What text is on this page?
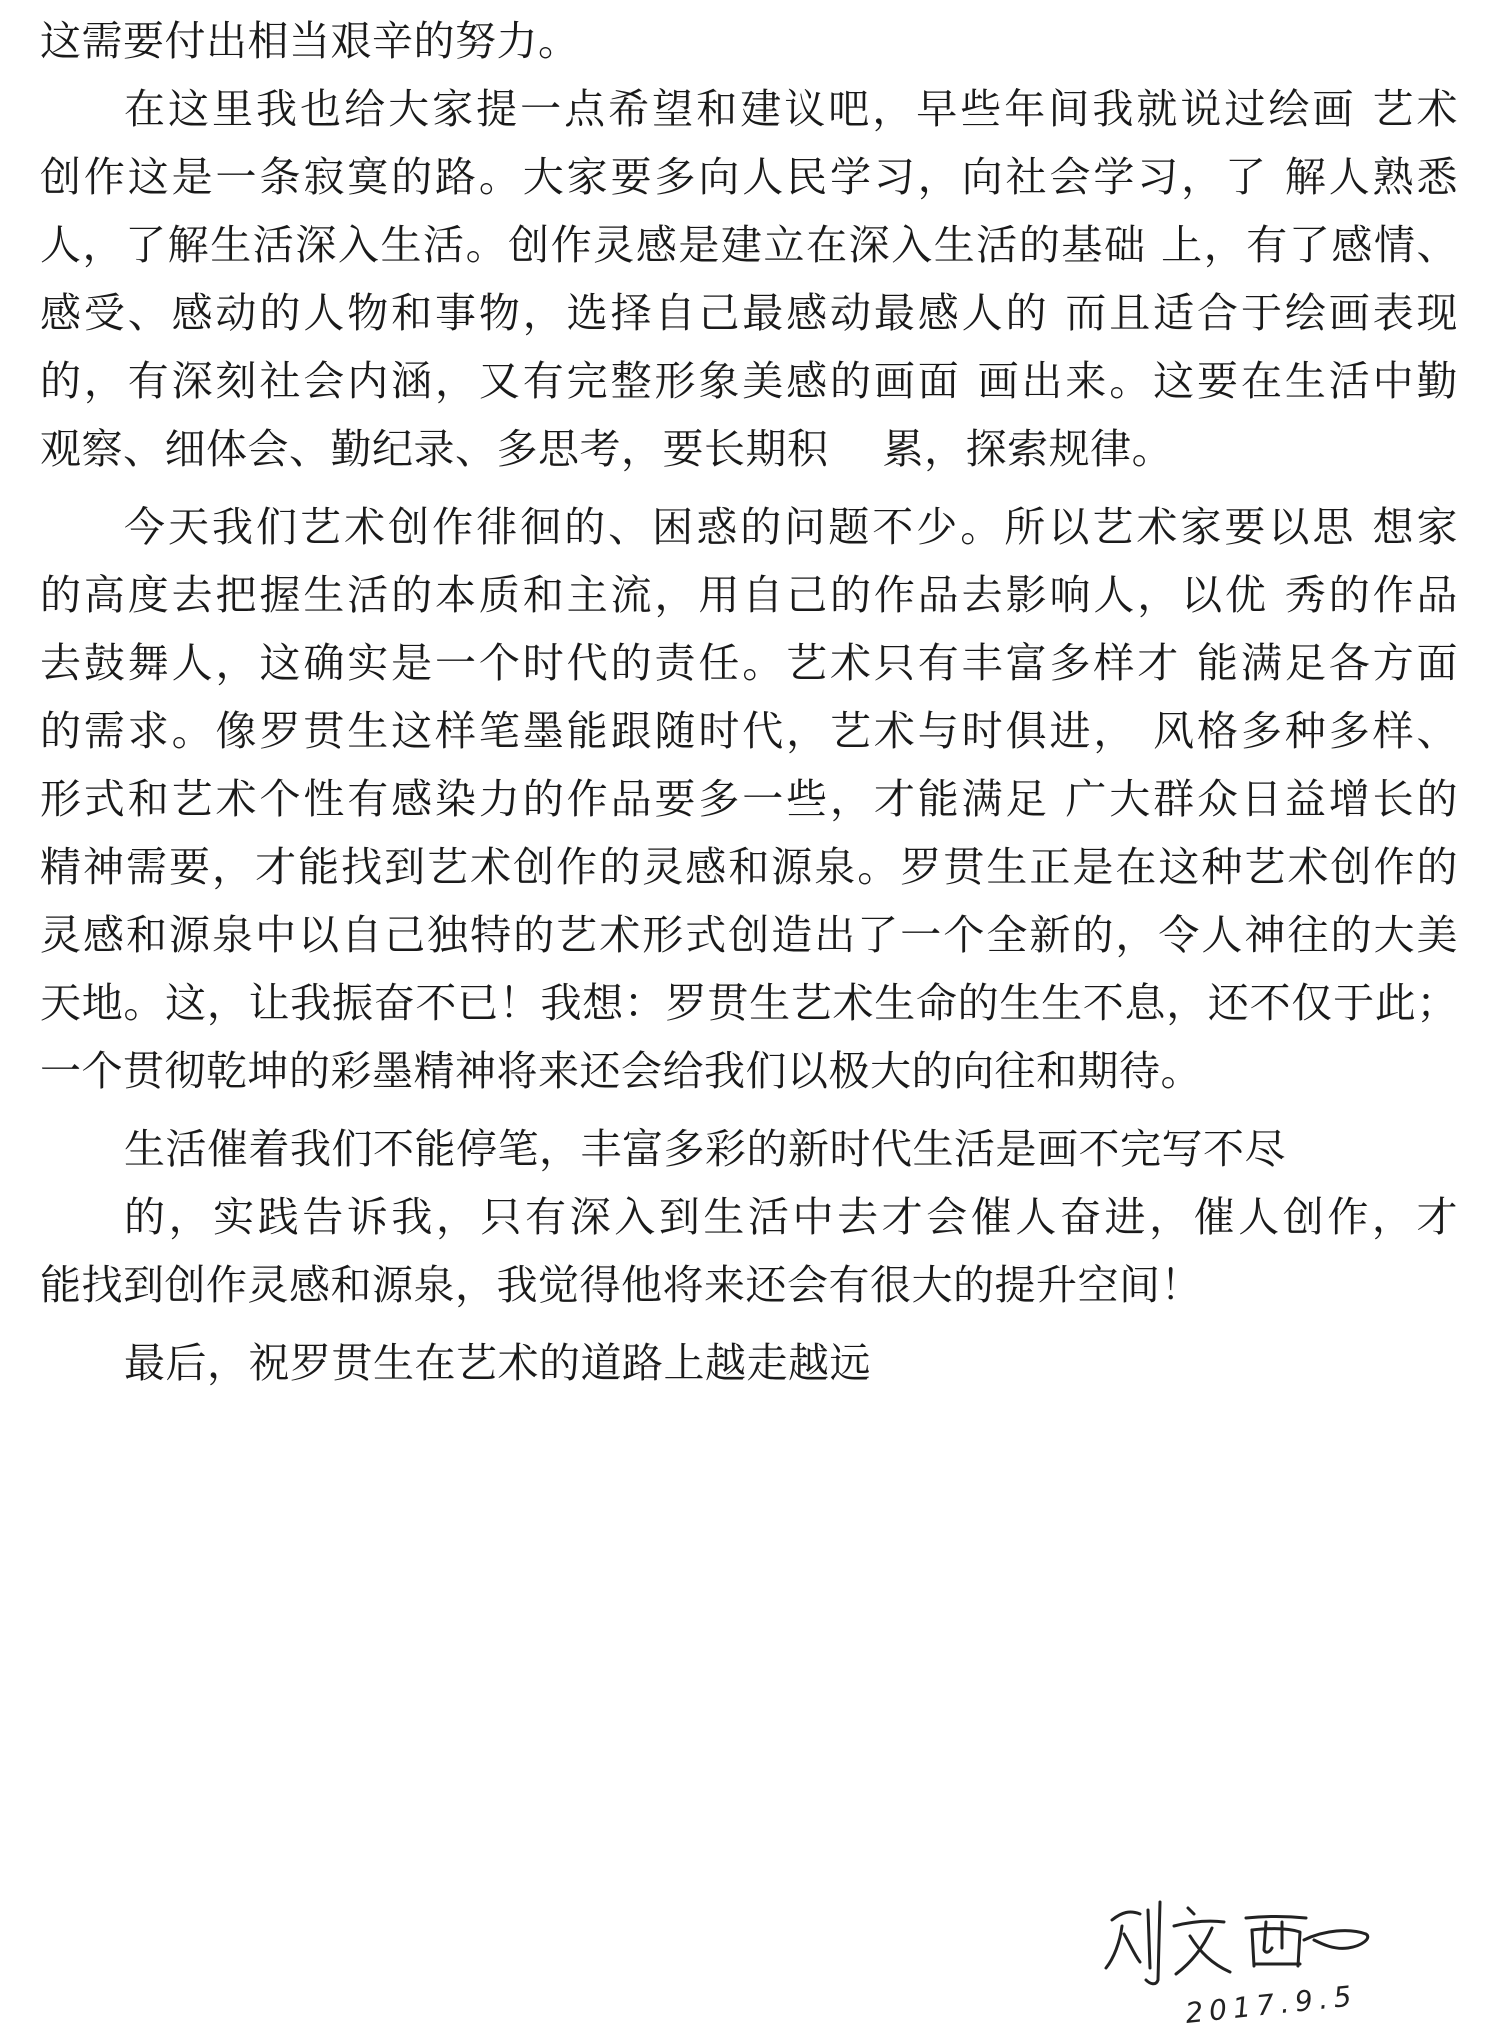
这需要付出相当艰辛的努力。
在这里我也给大家提一点希望和建议吧，早些年间我就说过绘画 艺术
创作这是一条寂寞的路。大家要多向人民学习，向社会学习，了 解人熟悉
人，了解生活深入生活。创作灵感是建立在深入生活的基础 上，有了感情、
感受、感动的人物和事物，选择自己最感动最感人的 而且适合于绘画表现
的，有深刻社会内涵，又有完整形象美感的画面 画出来。这要在生活中勤
观察、细体会、勤纪录、多思考，要长期积    累，探索规律。
今天我们艺术创作徘徊的、困惑的问题不少。所以艺术家要以思 想家
的高度去把握生活的本质和主流，用自己的作品去影响人，以优 秀的作品
去鼓舞人，这确实是一个时代的责任。艺术只有丰富多样才 能满足各方面
的需求。像罗贯生这样笔墨能跟随时代，艺术与时俱进， 风格多种多样、
形式和艺术个性有感染力的作品要多一些，才能满足 广大群众日益增长的
精神需要，才能找到艺术创作的灵感和源泉。罗贯生正是在这种艺术创作的
灵感和源泉中以自己独特的艺术形式创造出了一个全新的，令人神往的大美
天地。这，让我振奋不已！我想：罗贯生艺术生命的生生不息，还不仅于此；
一个贯彻乾坤的彩墨精神将来还会给我们以极大的向往和期待。
生活催着我们不能停笔，丰富多彩的新时代生活是画不完写不尽
的，实践告诉我，只有深入到生活中去才会催人奋进，催人创作，才
能找到创作灵感和源泉，我觉得他将来还会有很大的提升空间！
最后，祝罗贯生在艺术的道路上越走越远
2017.9.5
